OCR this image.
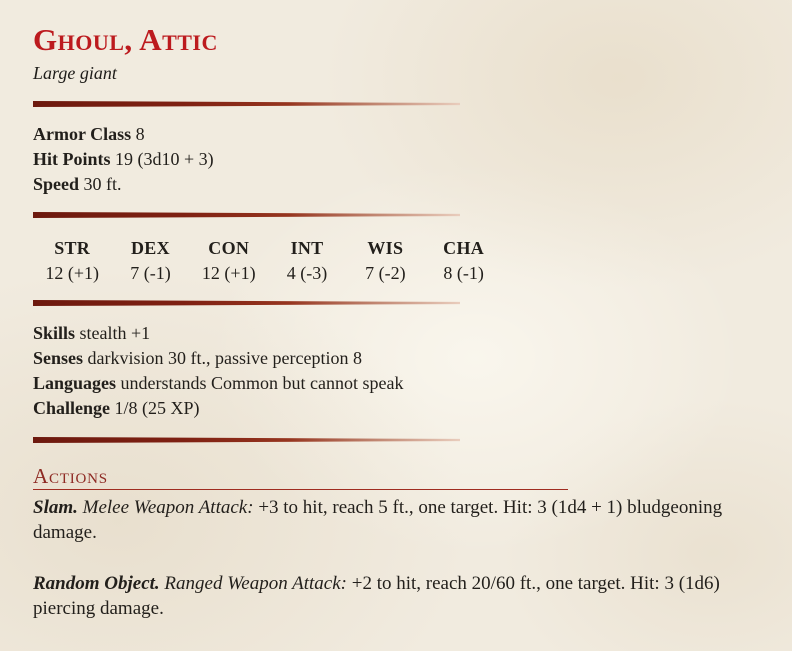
Ghoul, Attic
Large giant
Armor Class 8
Hit Points 19 (3d10 + 3)
Speed 30 ft.
STR
12 (+1)
DEX
7 (-1)
CON
12 (+1)
INT
4 (-3)
WIS
7 (-2)
CHA
8 (-1)
Skills stealth +1
Senses darkvision 30 ft., passive perception 8
Languages understands Common but cannot speak
Challenge 1/8 (25 XP)
Actions

Slam. Melee Weapon Attack: +3 to hit, reach 5 ft., one target. Hit: 3 (1d4 + 1) bludgeoning damage.

Random Object. Ranged Weapon Attack: +2 to hit, reach 20/60 ft., one target. Hit: 3 (1d6) piercing damage.
